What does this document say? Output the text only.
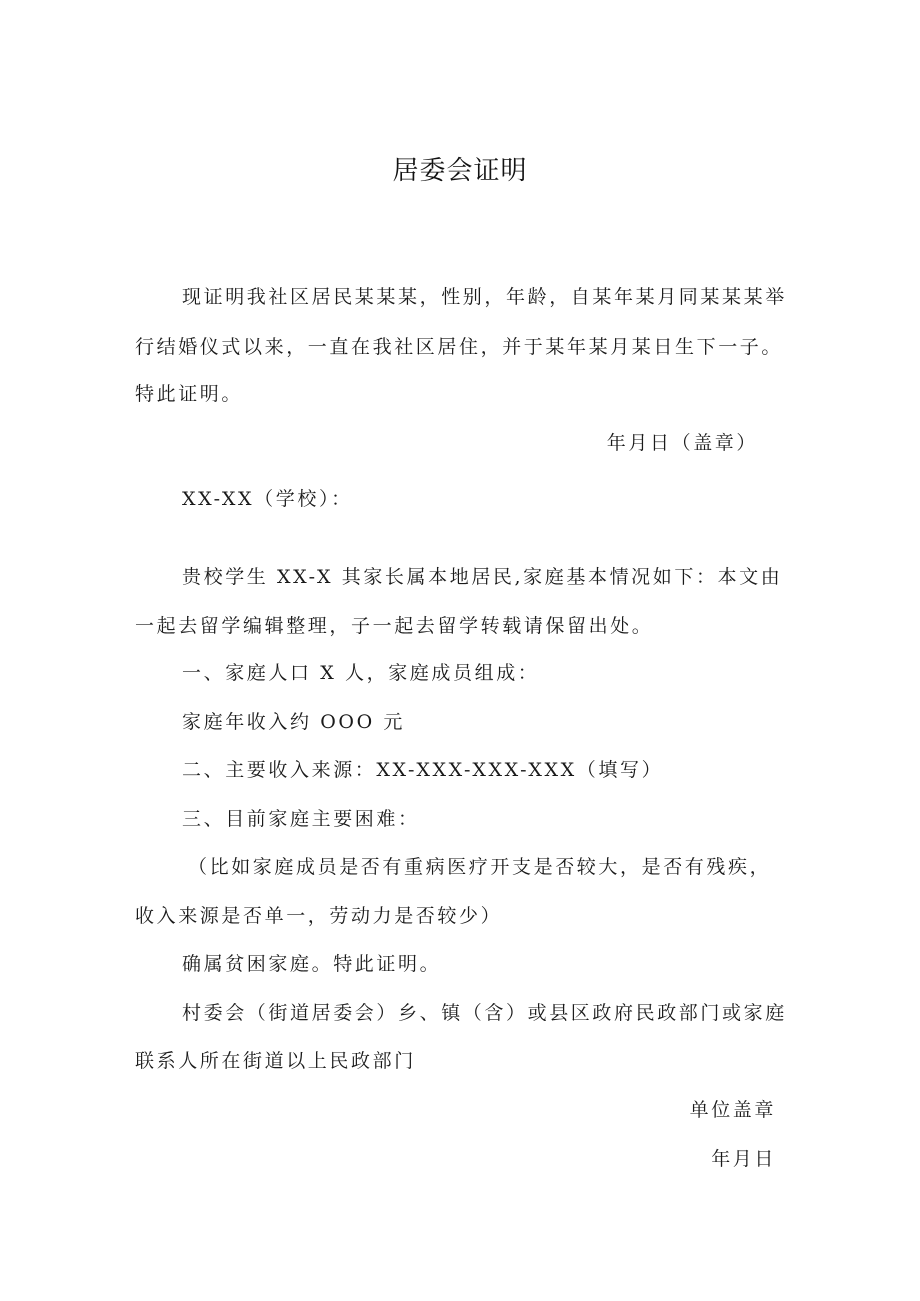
居委会证明
现证明我社区居民某某某，性别，年龄，自某年某月同某某某举
行结婚仪式以来，一直在我社区居住，并于某年某月某日生下一子。
特此证明。
年月日（盖章）
XX-XX（学校）：
贵校学生 XX-X 其家长属本地居民,家庭基本情况如下：本文由
一起去留学编辑整理，子一起去留学转载请保留出处。
一、家庭人口 X 人，家庭成员组成：
家庭年收入约 OOO 元
二、主要收入来源：XX-XXX-XXX-XXX（填写）
三、目前家庭主要困难：
（比如家庭成员是否有重病医疗开支是否较大，是否有残疾，
收入来源是否单一，劳动力是否较少）
确属贫困家庭。特此证明。
村委会（街道居委会）乡、镇（含）或县区政府民政部门或家庭
联系人所在街道以上民政部门
单位盖章
年月日
